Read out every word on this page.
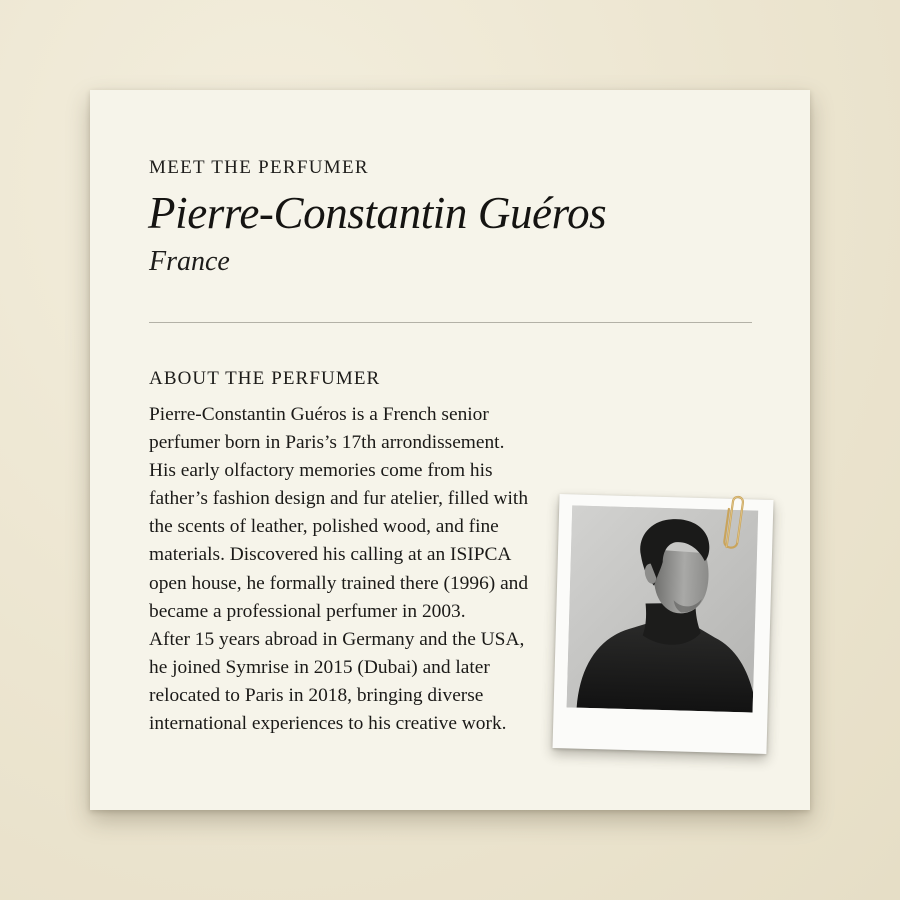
MEET THE PERFUMER
Pierre-Constantin Guéros
France
ABOUT THE PERFUMER
Pierre-Constantin Guéros is a French senior
perfumer born in Paris’s 17th arrondissement.
His early olfactory memories come from his
father’s fashion design and fur atelier, filled with
the scents of leather, polished wood, and fine
materials. Discovered his calling at an ISIPCA
open house, he formally trained there (1996) and
became a professional perfumer in 2003.
After 15 years abroad in Germany and the USA,
he joined Symrise in 2015 (Dubai) and later
relocated to Paris in 2018, bringing diverse
international experiences to his creative work.
